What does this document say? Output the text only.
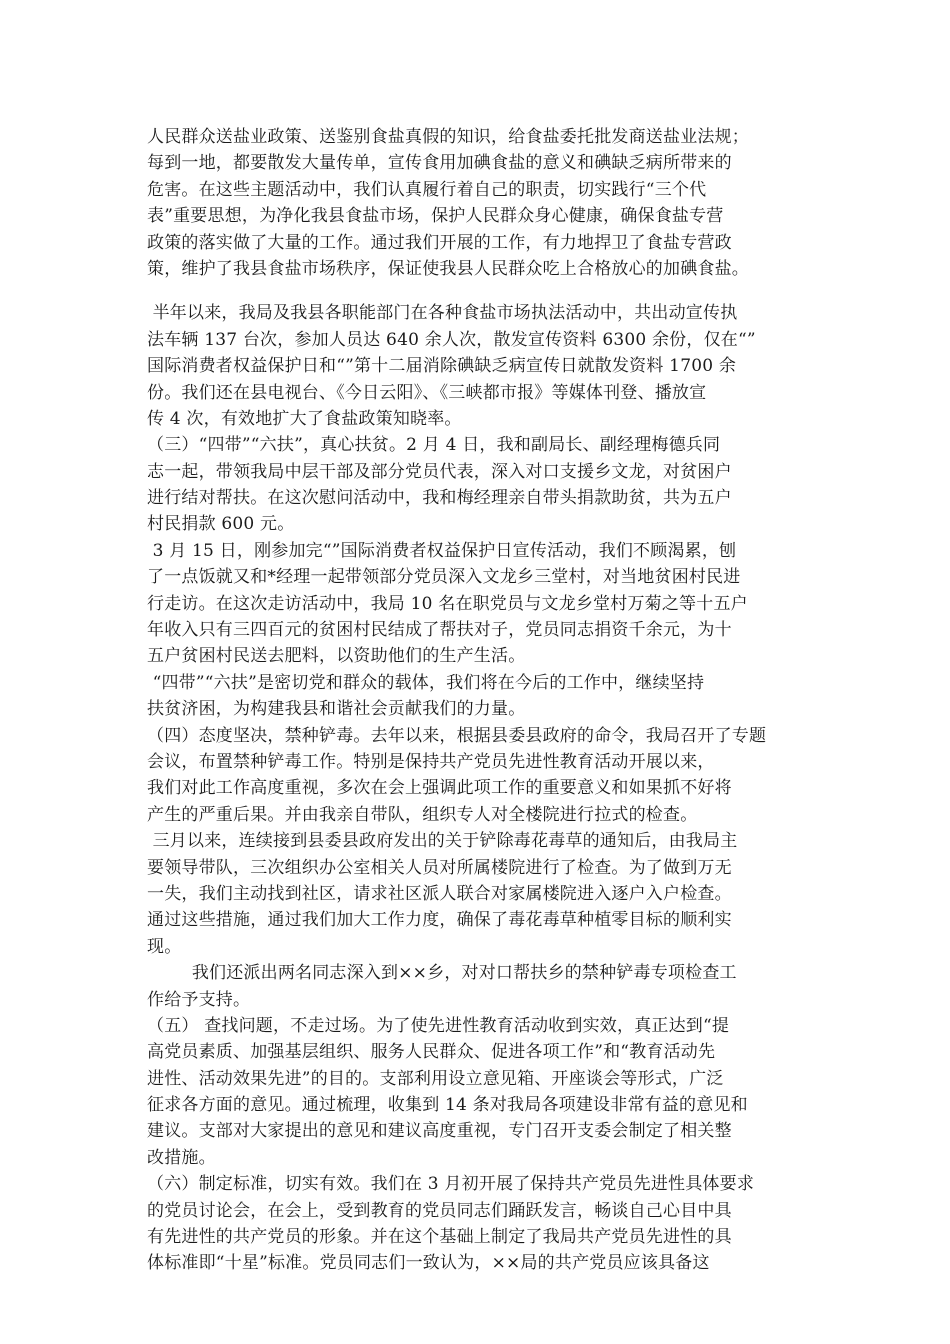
人民群众送盐业政策、送鉴别食盐真假的知识，给食盐委托批发商送盐业法规；
每到一地，都要散发大量传单，宣传食用加碘食盐的意义和碘缺乏病所带来的
危害。在这些主题活动中，我们认真履行着自己的职责，切实践行“三个代
表”重要思想，为净化我县食盐市场，保护人民群众身心健康，确保食盐专营
政策的落实做了大量的工作。通过我们开展的工作，有力地捍卫了食盐专营政
策，维护了我县食盐市场秩序，保证使我县人民群众吃上合格放心的加碘食盐。
半年以来，我局及我县各职能部门在各种食盐市场执法活动中，共出动宣传执
法车辆 137 台次，参加人员达 640 余人次，散发宣传资料 6300 余份，仅在“”
国际消费者权益保护日和“”第十二届消除碘缺乏病宣传日就散发资料 1700 余
份。我们还在县电视台、《今日云阳》、《三峡都市报》等媒体刊登、播放宣
传 4 次，有效地扩大了食盐政策知晓率。
（三）“四带”“六扶”，真心扶贫。2 月 4 日，我和副局长、副经理梅德兵同
志一起，带领我局中层干部及部分党员代表，深入对口支援乡文龙，对贫困户
进行结对帮扶。在这次慰问活动中，我和梅经理亲自带头捐款助贫，共为五户
村民捐款 600 元。
3 月 15 日，刚参加完“”国际消费者权益保护日宣传活动，我们不顾渴累，刨
了一点饭就又和*经理一起带领部分党员深入文龙乡三堂村，对当地贫困村民进
行走访。在这次走访活动中，我局 10 名在职党员与文龙乡堂村万菊之等十五户
年收入只有三四百元的贫困村民结成了帮扶对子，党员同志捐资千余元，为十
五户贫困村民送去肥料，以资助他们的生产生活。
“四带”“六扶”是密切党和群众的载体，我们将在今后的工作中，继续坚持
扶贫济困，为构建我县和谐社会贡献我们的力量。
（四）态度坚决，禁种铲毒。去年以来，根据县委县政府的命令，我局召开了专题
会议，布置禁种铲毒工作。特别是保持共产党员先进性教育活动开展以来，
我们对此工作高度重视，多次在会上强调此项工作的重要意义和如果抓不好将
产生的严重后果。并由我亲自带队，组织专人对全楼院进行拉式的检查。
三月以来，连续接到县委县政府发出的关于铲除毒花毒草的通知后，由我局主
要领导带队，三次组织办公室相关人员对所属楼院进行了检查。为了做到万无
一失，我们主动找到社区，请求社区派人联合对家属楼院进入逐户入户检查。
通过这些措施，通过我们加大工作力度，确保了毒花毒草种植零目标的顺利实
现。
我们还派出两名同志深入到××乡，对对口帮扶乡的禁种铲毒专项检查工
作给予支持。
（五） 查找问题，不走过场。为了使先进性教育活动收到实效，真正达到“提
高党员素质、加强基层组织、服务人民群众、促进各项工作”和“教育活动先
进性、活动效果先进”的目的。支部利用设立意见箱、开座谈会等形式，广泛
征求各方面的意见。通过梳理，收集到 14 条对我局各项建设非常有益的意见和
建议。支部对大家提出的意见和建议高度重视，专门召开支委会制定了相关整
改措施。
（六）制定标准，切实有效。我们在 3 月初开展了保持共产党员先进性具体要求
的党员讨论会，在会上，受到教育的党员同志们踊跃发言，畅谈自己心目中具
有先进性的共产党员的形象。并在这个基础上制定了我局共产党员先进性的具
体标准即“十星”标准。党员同志们一致认为，××局的共产党员应该具备这
